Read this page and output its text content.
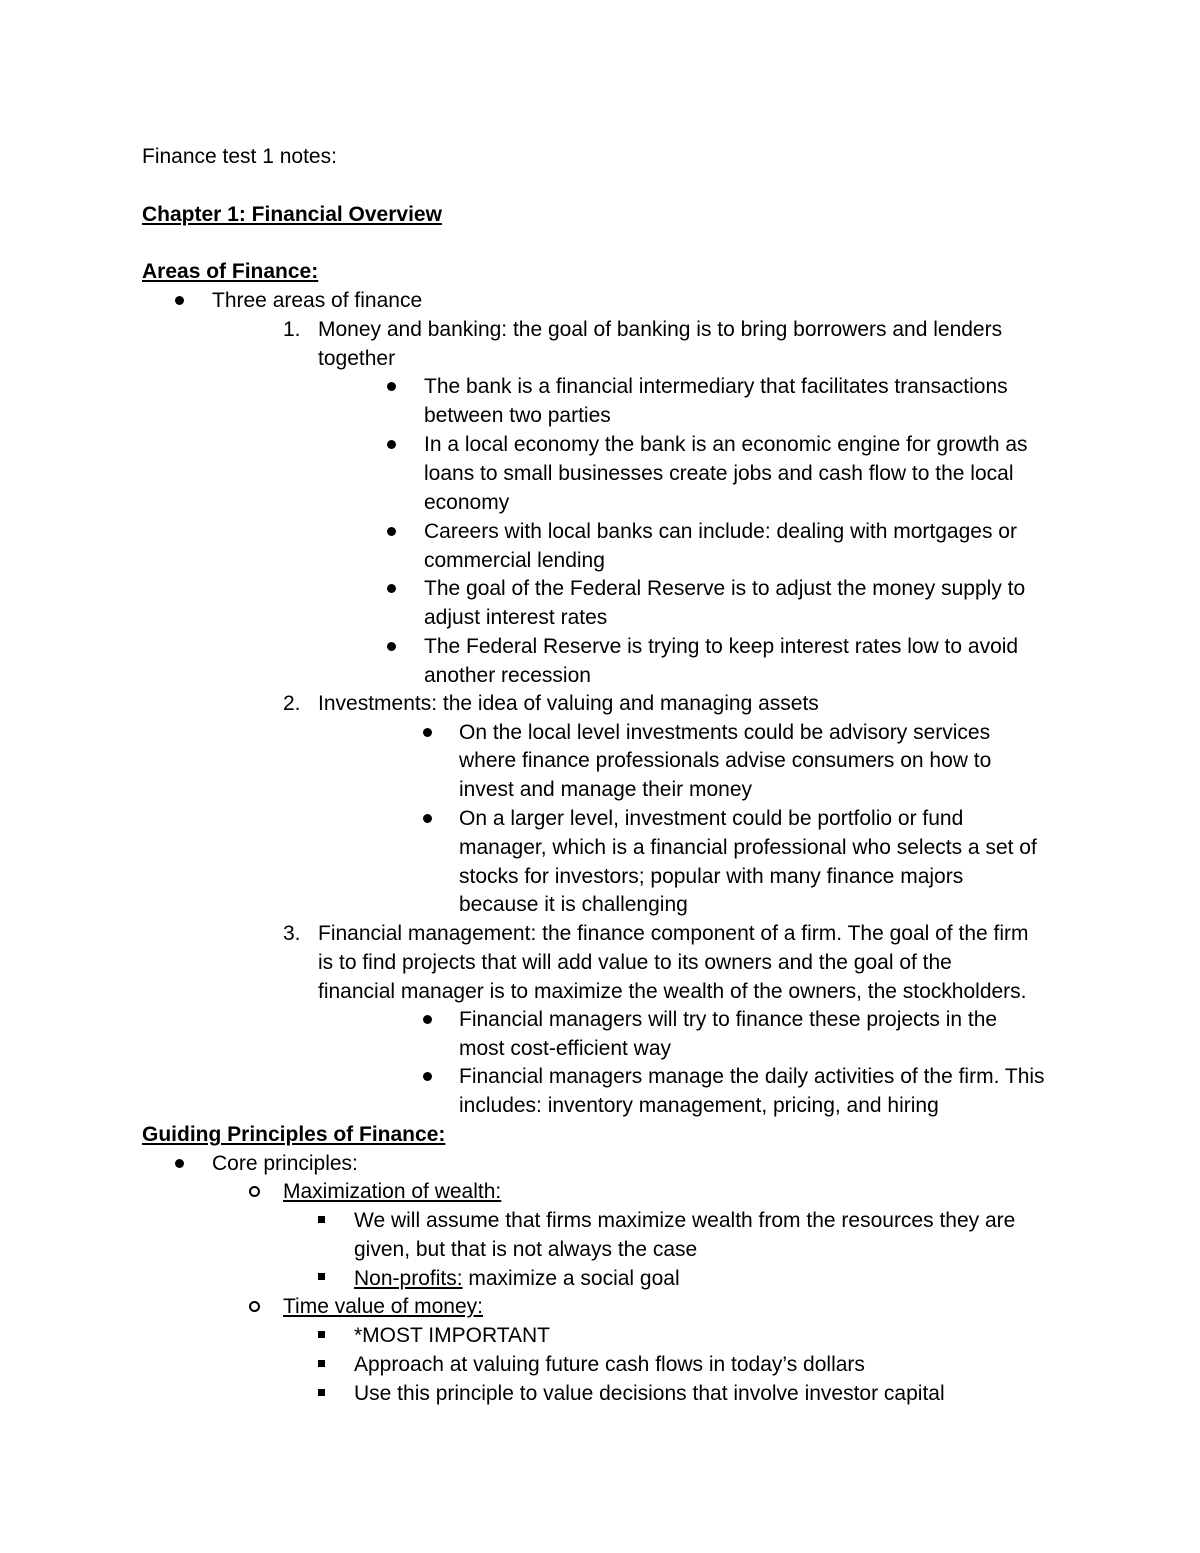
Finance test 1 notes:
Chapter 1: Financial Overview
Areas of Finance:
Three areas of finance
1. Money and banking: the goal of banking is to bring borrowers and lenders
together
The bank is a financial intermediary that facilitates transactions
between two parties
In a local economy the bank is an economic engine for growth as
loans to small businesses create jobs and cash flow to the local
economy
Careers with local banks can include: dealing with mortgages or
commercial lending
The goal of the Federal Reserve is to adjust the money supply to
adjust interest rates
The Federal Reserve is trying to keep interest rates low to avoid
another recession
2. Investments: the idea of valuing and managing assets
On the local level investments could be advisory services
where finance professionals advise consumers on how to
invest and manage their money
On a larger level, investment could be portfolio or fund
manager, which is a financial professional who selects a set of
stocks for investors; popular with many finance majors
because it is challenging
3. Financial management: the finance component of a firm. The goal of the firm
is to find projects that will add value to its owners and the goal of the
financial manager is to maximize the wealth of the owners, the stockholders.
Financial managers will try to finance these projects in the
most cost-efficient way
Financial managers manage the daily activities of the firm. This
includes: inventory management, pricing, and hiring
Guiding Principles of Finance:
Core principles:
Maximization of wealth:
We will assume that firms maximize wealth from the resources they are
given, but that is not always the case
Non-profits: maximize a social goal
Time value of money:
*MOST IMPORTANT
Approach at valuing future cash flows in today’s dollars
Use this principle to value decisions that involve investor capital
